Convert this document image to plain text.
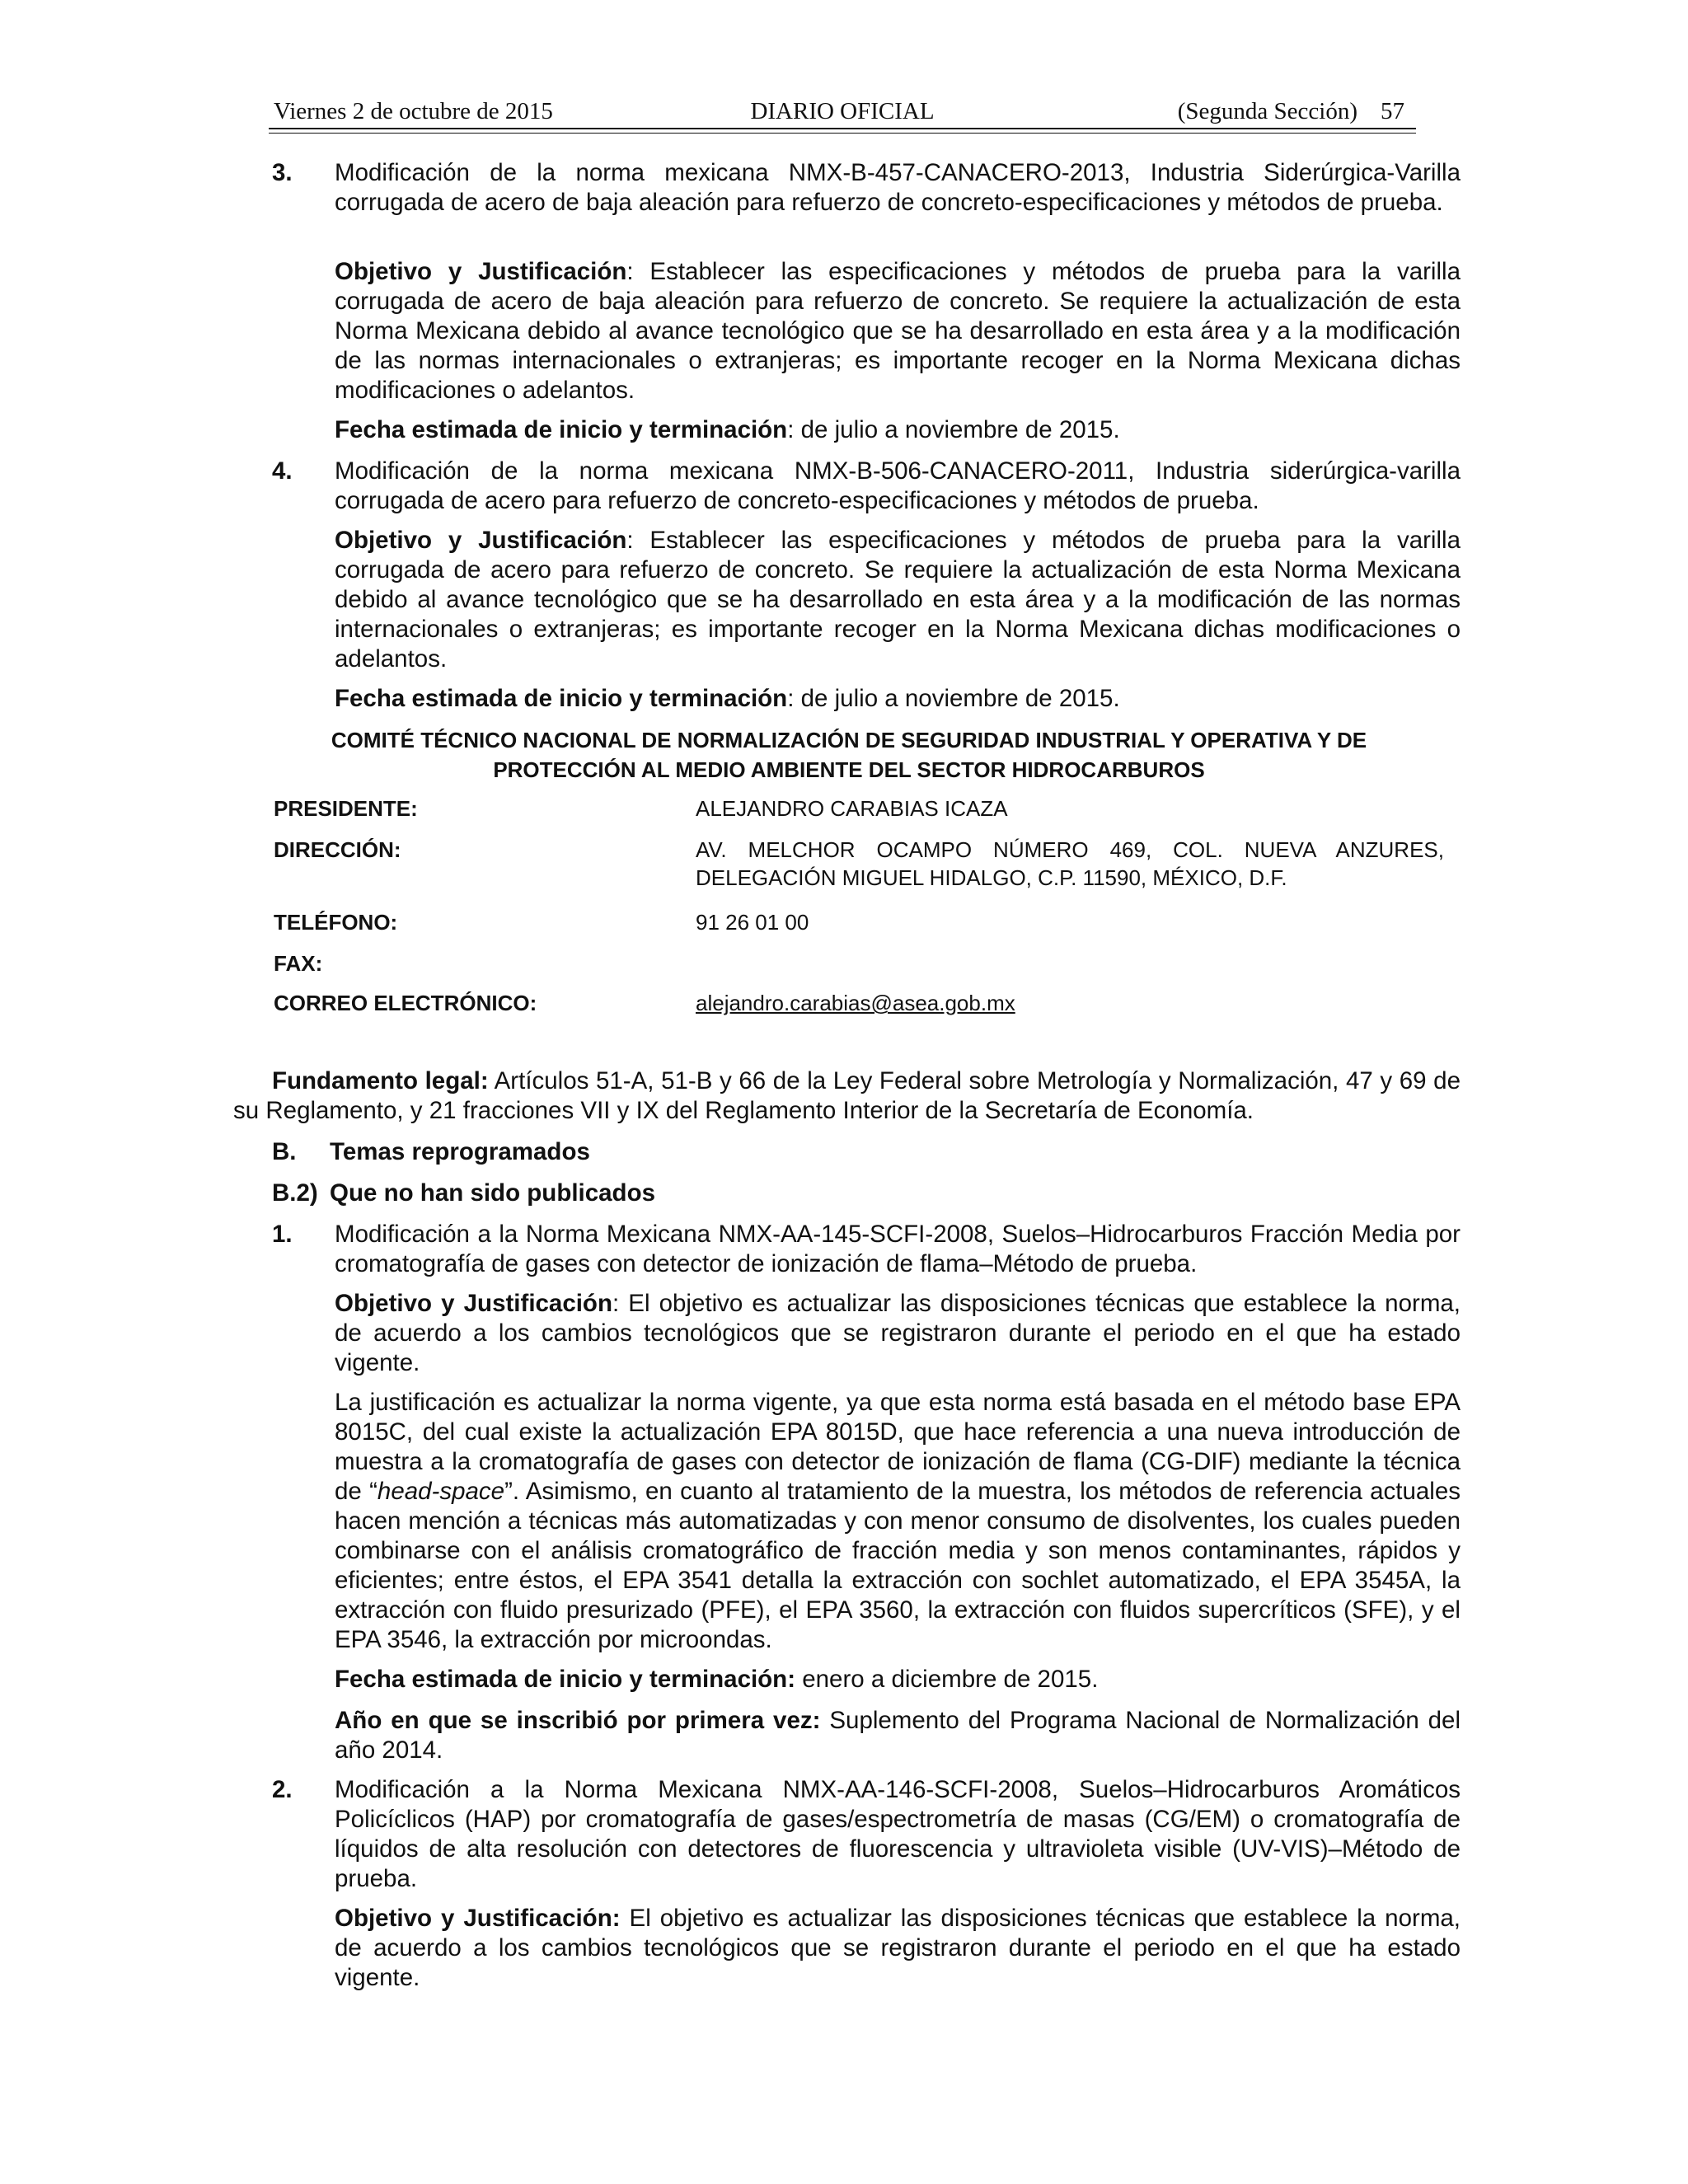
Viernes 2 de octubre de 2015	DIARIO OFICIAL	(Segunda Sección) 57
3. Modificación de la norma mexicana NMX-B-457-CANACERO-2013, Industria Siderúrgica-Varilla corrugada de acero de baja aleación para refuerzo de concreto-especificaciones y métodos de prueba.

Objetivo y Justificación: Establecer las especificaciones y métodos de prueba para la varilla corrugada de acero de baja aleación para refuerzo de concreto. Se requiere la actualización de esta Norma Mexicana debido al avance tecnológico que se ha desarrollado en esta área y a la modificación de las normas internacionales o extranjeras; es importante recoger en la Norma Mexicana dichas modificaciones o adelantos.

Fecha estimada de inicio y terminación: de julio a noviembre de 2015.

4. Modificación de la norma mexicana NMX-B-506-CANACERO-2011, Industria siderúrgica-varilla corrugada de acero para refuerzo de concreto-especificaciones y métodos de prueba.

Objetivo y Justificación: Establecer las especificaciones y métodos de prueba para la varilla corrugada de acero para refuerzo de concreto. Se requiere la actualización de esta Norma Mexicana debido al avance tecnológico que se ha desarrollado en esta área y a la modificación de las normas internacionales o extranjeras; es importante recoger en la Norma Mexicana dichas modificaciones o adelantos.

Fecha estimada de inicio y terminación: de julio a noviembre de 2015.

COMITÉ TÉCNICO NACIONAL DE NORMALIZACIÓN DE SEGURIDAD INDUSTRIAL Y OPERATIVA Y DE
PROTECCIÓN AL MEDIO AMBIENTE DEL SECTOR HIDROCARBUROS
PRESIDENTE:	ALEJANDRO CARABIAS ICAZA
DIRECCIÓN:	AV. MELCHOR OCAMPO NÚMERO 469, COL. NUEVA ANZURES, DELEGACIÓN MIGUEL HIDALGO, C.P. 11590, MÉXICO, D.F.
TELÉFONO:	91 26 01 00
FAX:
CORREO ELECTRÓNICO:	alejandro.carabias@asea.gob.mx

Fundamento legal: Artículos 51-A, 51-B y 66 de la Ley Federal sobre Metrología y Normalización, 47 y 69 de su Reglamento, y 21 fracciones VII y IX del Reglamento Interior de la Secretaría de Economía.

B. Temas reprogramados
B.2) Que no han sido publicados
1. Modificación a la Norma Mexicana NMX-AA-145-SCFI-2008, Suelos–Hidrocarburos Fracción Media por cromatografía de gases con detector de ionización de flama–Método de prueba.

Objetivo y Justificación: El objetivo es actualizar las disposiciones técnicas que establece la norma, de acuerdo a los cambios tecnológicos que se registraron durante el periodo en el que ha estado vigente.

La justificación es actualizar la norma vigente, ya que esta norma está basada en el método base EPA 8015C, del cual existe la actualización EPA 8015D, que hace referencia a una nueva introducción de muestra a la cromatografía de gases con detector de ionización de flama (CG-DIF) mediante la técnica de “head-space”. Asimismo, en cuanto al tratamiento de la muestra, los métodos de referencia actuales hacen mención a técnicas más automatizadas y con menor consumo de disolventes, los cuales pueden combinarse con el análisis cromatográfico de fracción media y son menos contaminantes, rápidos y eficientes; entre éstos, el EPA 3541 detalla la extracción con sochlet automatizado, el EPA 3545A, la extracción con fluido presurizado (PFE), el EPA 3560, la extracción con fluidos supercríticos (SFE), y el EPA 3546, la extracción por microondas.

Fecha estimada de inicio y terminación: enero a diciembre de 2015.

Año en que se inscribió por primera vez: Suplemento del Programa Nacional de Normalización del año 2014.

2. Modificación a la Norma Mexicana NMX-AA-146-SCFI-2008, Suelos–Hidrocarburos Aromáticos Policíclicos (HAP) por cromatografía de gases/espectrometría de masas (CG/EM) o cromatografía de líquidos de alta resolución con detectores de fluorescencia y ultravioleta visible (UV-VIS)–Método de prueba.

Objetivo y Justificación: El objetivo es actualizar las disposiciones técnicas que establece la norma, de acuerdo a los cambios tecnológicos que se registraron durante el periodo en el que ha estado vigente.
